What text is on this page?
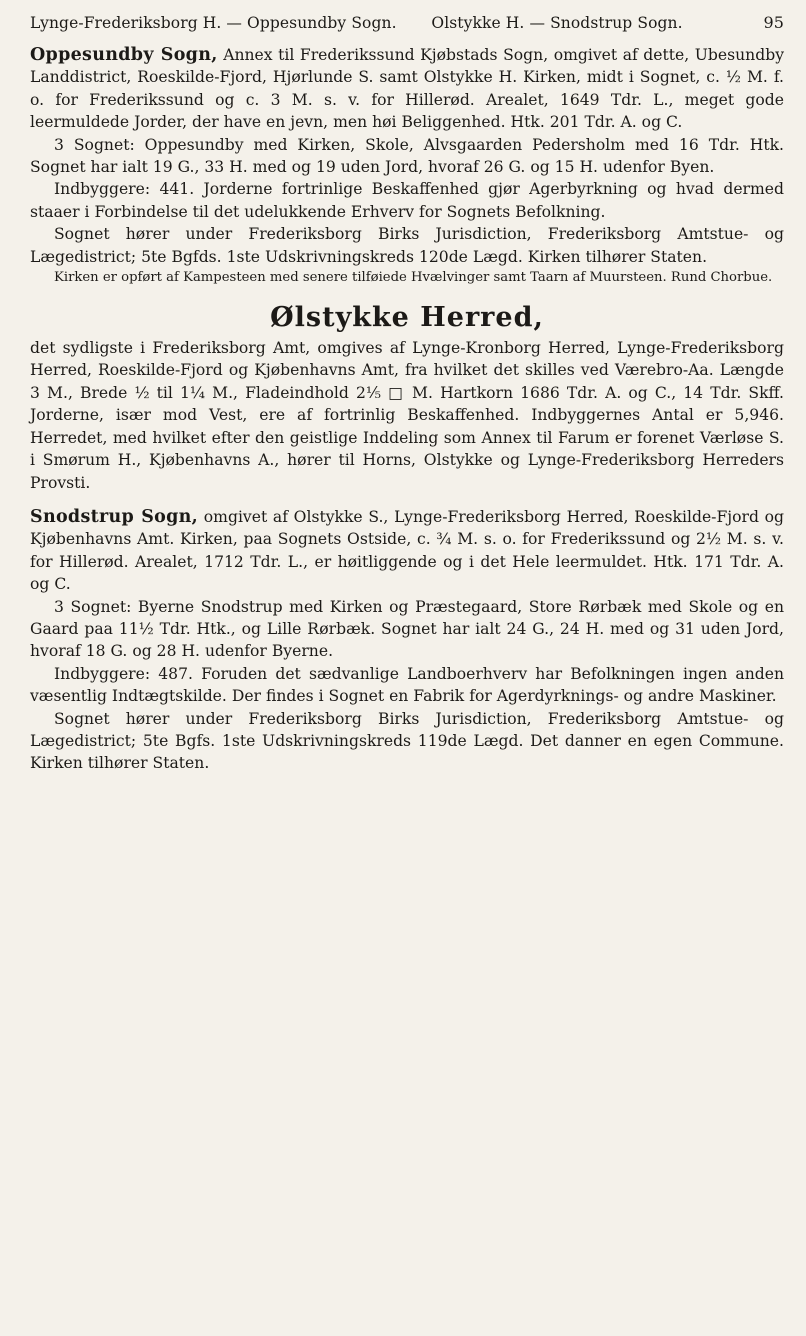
Lynge-Frederiksborg H. — Oppesundby Sogn.	Olstykke H. — Snodstrup Sogn.	95

Oppesundby Sogn, Annex til Frederikssund Kjøbstads Sogn, omgivet af dette, Ubesundby Landdistrict, Roeskilde-Fjord, Hjørlunde S. samt Olstykke H. Kirken, midt i Sognet, c. ½ M. f. o. for Frederikssund og c. 3 M. s. v. for Hillerød. Arealet, 1649 Tdr. L., meget gode leermuldede Jorder, der have en jevn, men høi Beliggenhed. Htk. 201 Tdr. A. og C.

3 Sognet: Oppesundby med Kirken, Skole, Alvsgaarden Pedersholm med 16 Tdr. Htk. Sognet har ialt 19 G., 33 H. med og 19 uden Jord, hvoraf 26 G. og 15 H. udenfor Byen.

Indbyggere: 441. Jorderne fortrinlige Beskaffenhed gjør Agerbyrkning og hvad dermed staaer i Forbindelse til det udelukkende Erhverv for Sognets Befolkning.

Sognet hører under Frederiksborg Birks Jurisdiction, Frederiksborg Amtstue- og Lægedistrict; 5te Bgfds. 1ste Udskrivningskreds 120de Lægd. Kirken tilhører Staten.

Kirken er opført af Kampesteen med senere tilføiede Hvælvinger samt Taarn af Muursteen. Rund Chorbue.

Ølstykke Herred,

det sydligste i Frederiksborg Amt, omgives af Lynge-Kronborg Herred, Lynge-Frederiksborg Herred, Roeskilde-Fjord og Kjøbenhavns Amt, fra hvilket det skilles ved Værebro-Aa. Længde 3 M., Brede ½ til 1¼ M., Fladeindhold 2⅕ □ M. Hartkorn 1686 Tdr. A. og C., 14 Tdr. Skff. Jorderne, især mod Vest, ere af fortrinlig Beskaffenhed. Indbyggernes Antal er 5,946. Herredet, med hvilket efter den geistlige Inddeling som Annex til Farum er forenet Værløse S. i Smørum H., Kjøbenhavns A., hører til Horns, Olstykke og Lynge-Frederiksborg Herreders Provsti.

Snodstrup Sogn, omgivet af Olstykke S., Lynge-Frederiksborg Herred, Roeskilde-Fjord og Kjøbenhavns Amt. Kirken, paa Sognets Ostside, c. ¾ M. s. o. for Frederikssund og 2½ M. s. v. for Hillerød. Arealet, 1712 Tdr. L., er høitliggende og i det Hele leermuldet. Htk. 171 Tdr. A. og C.

3 Sognet: Byerne Snodstrup med Kirken og Præstegaard, Store Rørbæk med Skole og en Gaard paa 11½ Tdr. Htk., og Lille Rørbæk. Sognet har ialt 24 G., 24 H. med og 31 uden Jord, hvoraf 18 G. og 28 H. udenfor Byerne.

Indbyggere: 487. Foruden det sædvanlige Landboerhverv har Befolkningen ingen anden væsentlig Indtægtskilde. Der findes i Sognet en Fabrik for Agerdyrknings- og andre Maskiner.

Sognet hører under Frederiksborg Birks Jurisdiction, Frederiksborg Amtstue- og Lægedistrict; 5te Bgfs. 1ste Udskrivningskreds 119de Lægd. Det danner en egen Commune. Kirken tilhører Staten.
